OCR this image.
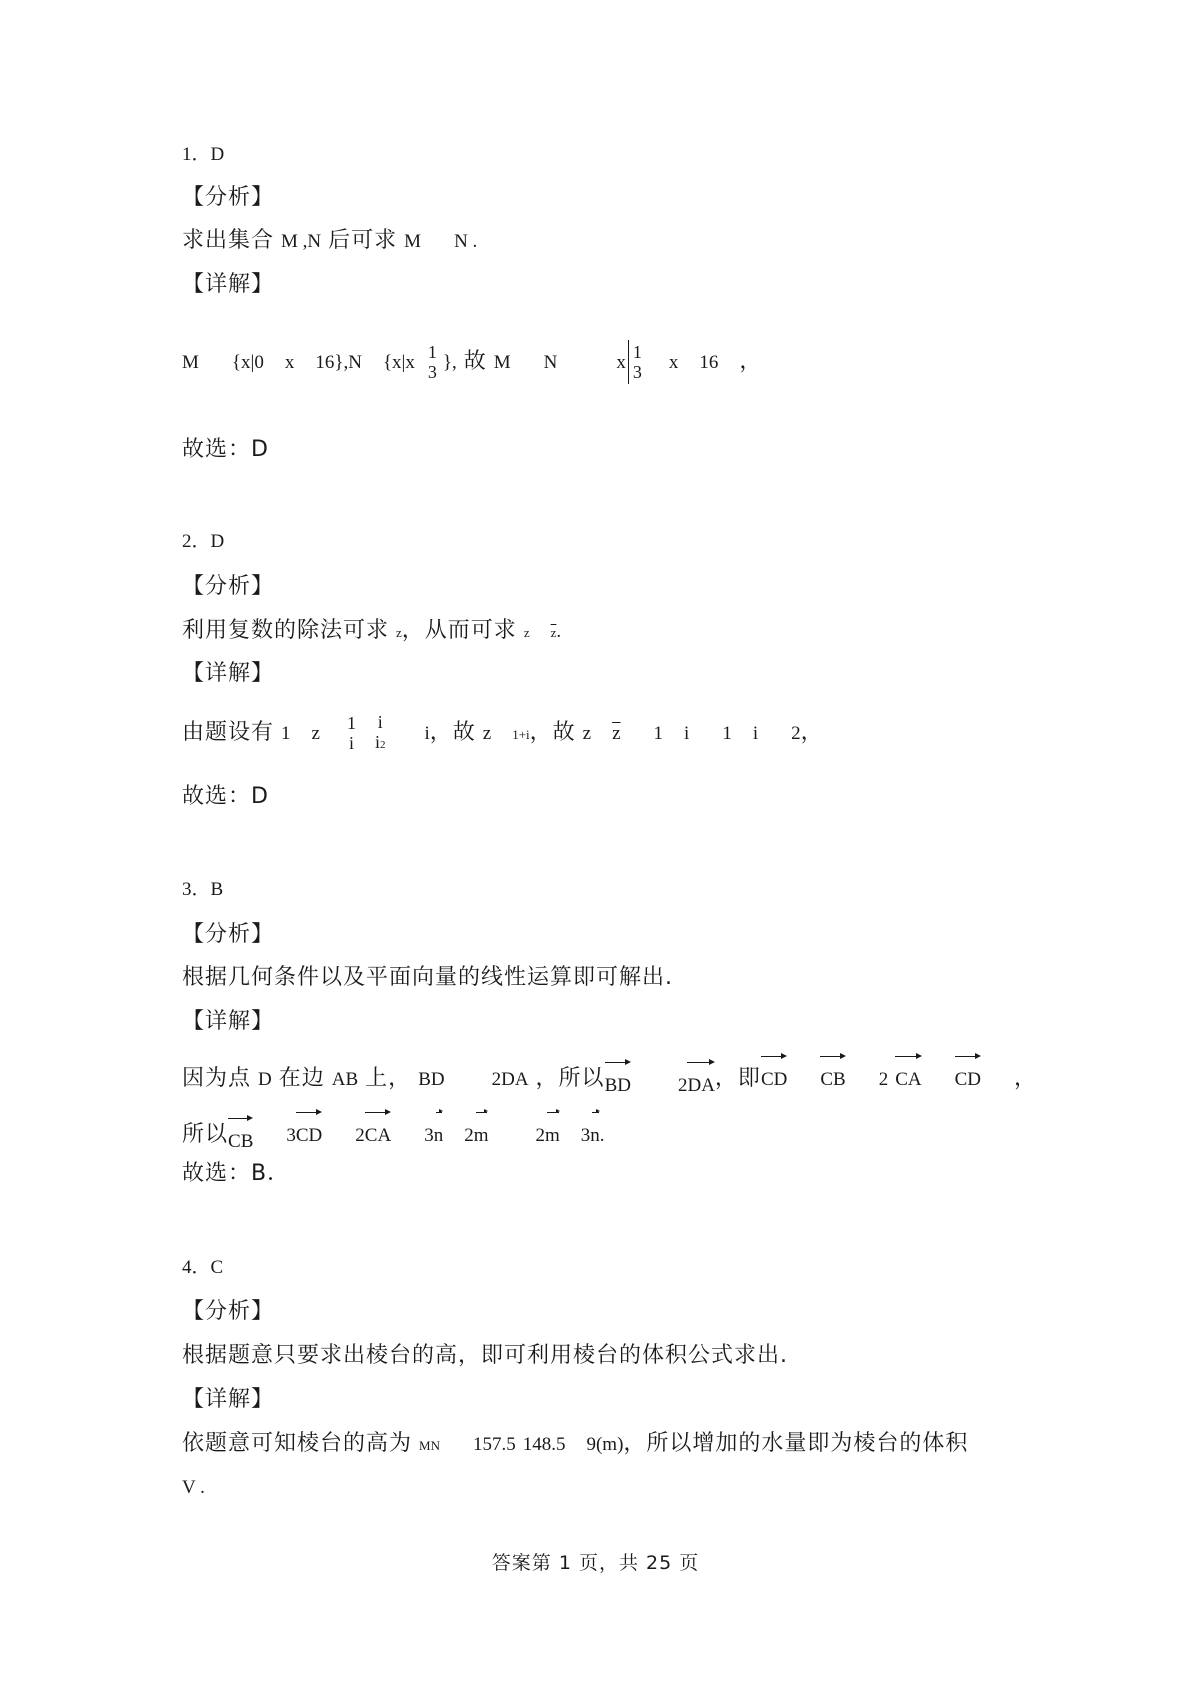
1．D
【分析】
求出集合 M ,N 后可求 M N .
【详解】
M {x|0 x 16},N {x|x 1
3 }, 故 M N	x 1
3 x 16 ，
故选：D
2．D
【分析】
利用复数的除法可求 z，从而可求 z $\overline{z}$.
【详解】
由题设有 1 z 1
i

i
i2
i，故 z 1+i，故 z $\overline{z}$ 1 i 1 i 2，
故选：D
3．B
【分析】
根据几何条件以及平面向量的线性运算即可解出.
【详解】
因为点 D 在边 AB 上， BD 2DA ，所以BD 2DA，即CD CB 2 CA CD ，
所以CB 3CD 2CA 3n 2m 2m 3n.
故选：B．
4．C
【分析】
根据题意只要求出棱台的高，即可利用棱台的体积公式求出.
【详解】
依题意可知棱台的高为 MN 157.5 148.5 9(m)，所以增加的水量即为棱台的体积
V .
答案第 1 页，共 25 页
